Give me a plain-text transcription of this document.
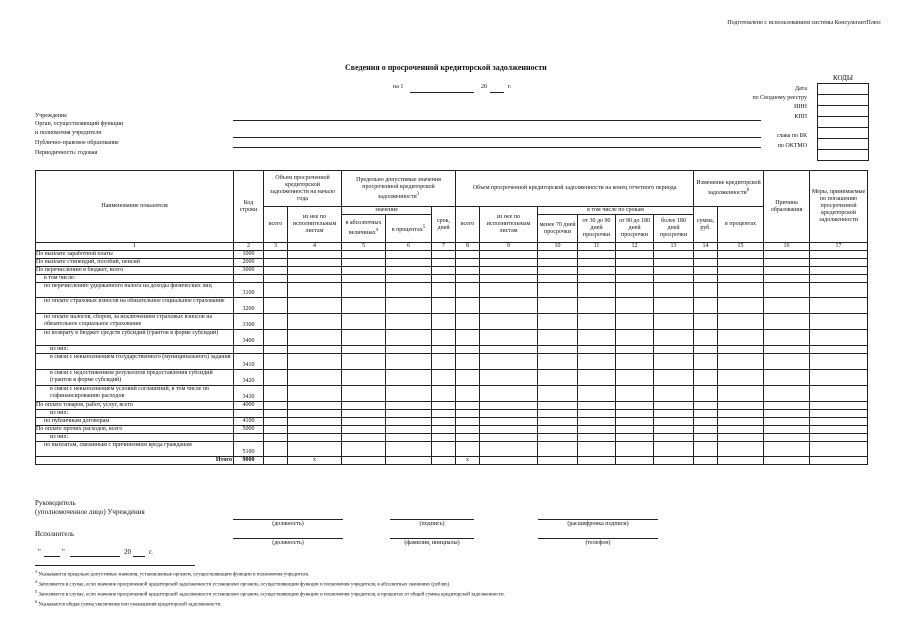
Подготовлено с использованием системы КонсультантПлюс
Сведения о просроченной кредиторской задолженности
на 1	20	г.
КОДЫ

Дата
по Сводному реестру
ИНН
КПП
глава по БК
по ОКТМО
Учреждение
Орган, осуществляющий функции
и полномочия учредителя
Публично-правовое образование
Периодичность: годовая
Наименование показателя	Код строки	Объем просроченной кредиторской задолженности на начало года		Предельно допустимые значения просроченной кредиторской задолженности$^3$			Объем просроченной кредиторской задолженности на конец отчетного периода						Изменение кредиторской задолженности$^6$		Причина образования	Меры, принимаемые по погашению просроченной кредиторской задолженности
		всего	из нее по исполнительным листам	значение		срок, дней	всего	из нее по исполнительным листам	в том числе по срокам				сумма, руб.	в процентах		
				в абсолютных величинах$^4$	в процентах$^5$				менее 70 дней просрочки	от 30 до 90 дней просрочки	от 90 до 180 дней просрочки	более 180 дней просрочки				
1	2	3	4	5	6	7	8	9	10	11	12	13	14	15	16	17
По выплате заработной платы	1000															
По выплате стипендий, пособий, пенсий	2000															
По перечислению в бюджет, всего	3000															
в том числе:																
по перечислению удержанного налога на доходы физических лиц	3100															
по оплате страховых взносов на обязательное социальное страхование	3200															
по оплате налогов, сборов, за исключением страховых взносов на обязательное социальное страхование	3300															
по возврату в бюджет средств субсидий (грантов в форме субсидий)	3400															
из них:																
в связи с невыполнением государственного (муниципального) задания	3410															
в связи с недостижением результатов предоставления субсидий (грантов в форме субсидий)	3420															
в связи с невыполнением условий соглашений, в том числе по софинансированию расходов	3430															
По оплате товаров, работ, услуг, всего	4000															
из них:																
по публичным договорам	4100															
По оплате прочих расходов, всего	5000															
из них:																
по выплатам, связанным с причинением вреда гражданам	5100															
Итого	9000		х				х									
Руководитель
(уполномоченное лицо) Учреждения
(должность)	(подпись)	(расшифровка подписи)
Исполнитель
(должность)	(фамилия, инициалы)	(телефон)
"	"	20	г.
$^3$ Указываются предельно допустимые значения, установленные органом, осуществляющим функции и полномочия учредителя.
$^4$ Заполняется в случае, если значение просроченной кредиторской задолженности установлено органом, осуществляющим функции и полномочия учредителя, в абсолютных значениях (рублях).
$^5$ Заполняется в случае, если значение просроченной кредиторской задолженности установлено органом, осуществляющим функции и полномочия учредителя, в процентах от общей суммы кредиторской задолженности.
$^6$ Указывается общая сумма увеличения или уменьшения кредиторской задолженности.
